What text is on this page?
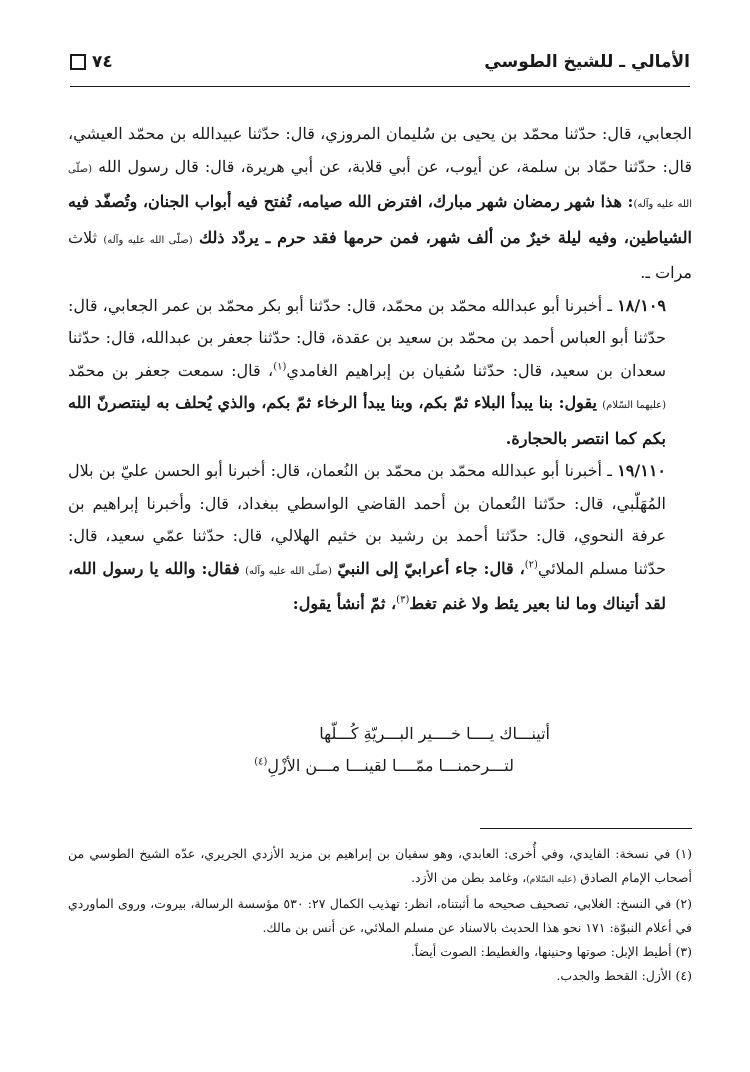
الأمالي ـ للشيخ الطوسي
٧٤

الجعابي، قال: حدّثنا محمّد بن يحيى بن سُليمان المروزي، قال: حدّثنا عبيدالله بن محمّد العيشي، قال: حدّثنا حمّاد بن سلمة، عن أيوب، عن أبي قلابة، عن أبي هريرة، قال: قال رسول الله (صلّى الله عليه وآله): هذا شهر رمضان شهر مبارك، افترض الله صيامه، تُفتح فيه أبواب الجنان، وتُصفّد فيه الشياطين، وفيه ليلة خيرٌ من ألف شهر، فمن حرمها فقد حرم ـ يردّد ذلك (صلّى الله عليه وآله) ثلاث مرات ـ.

١٨/١٠٩ ـ أخبرنا أبو عبدالله محمّد بن محمّد، قال: حدّثنا أبو بكر محمّد بن عمر الجعابي، قال: حدّثنا أبو العباس أحمد بن محمّد بن سعيد بن عقدة، قال: حدّثنا جعفر بن عبدالله، قال: حدّثنا سعدان بن سعيد، قال: حدّثنا سُفيان بن إبراهيم الغامدي$^{(١)}$، قال: سمعت جعفر بن محمّد (عليهما السّلام) يقول: بنا يبدأ البلاء ثمّ بكم، وبنا يبدأ الرخاء ثمّ بكم، والذي يُحلف به لينتصرنّ الله بكم كما انتصر بالحجارة.

١٩/١١٠ ـ أخبرنا أبو عبدالله محمّد بن محمّد بن النُعمان، قال: أخبرنا أبو الحسن عليّ بن بلال المُهَلّبي، قال: حدّثنا النُعمان بن أحمد القاضي الواسطي ببغداد، قال: وأخبرنا إبراهيم بن عرفة النحوي، قال: حدّثنا أحمد بن رشيد بن خثيم الهلالي، قال: حدّثنا عمّي سعيد، قال: حدّثنا مسلم الملائي$^{(٢)}$، قال: جاء أعرابيّ إلى النبيّ (صلّى الله عليه وآله) فقال: والله يا رسول الله، لقد أتيناك وما لنا بعير يئط ولا غنم تغط$^{(٣)}$، ثمّ أنشأ يقول:

أتينـــاك يــــا خــــير البـــريّةِ كُـــلّها

لتـــرحمنـــا ممّــــا لقينـــا مـــن الأزْلِ$^{(٤)}$

(١) في نسخة: الفايدي، وفي أُخرى: العابدي، وهو سفيان بن إبراهيم بن مزيد الأزدي الجريري، عدّه الشيخ الطوسي من أصحاب الإمام الصادق (عليه السّلام)، وغامد بطن من الأزد.

(٢) في النسخ: الغلابي، تصحيف صحيحه ما أثبتناه، انظر: تهذيب الكمال ٢٧: ٥٣٠ مؤسسة الرسالة، بيروت، وروى الماوردي في أعلام النبوّة: ١٧١ نحو هذا الحديث بالاسناد عن مسلم الملائي، عن أنس بن مالك.

(٣) أطيط الإبل: صوتها وحنينها، والغطيط: الصوت أيضاً.

(٤) الأزل: القحط والجدب.
